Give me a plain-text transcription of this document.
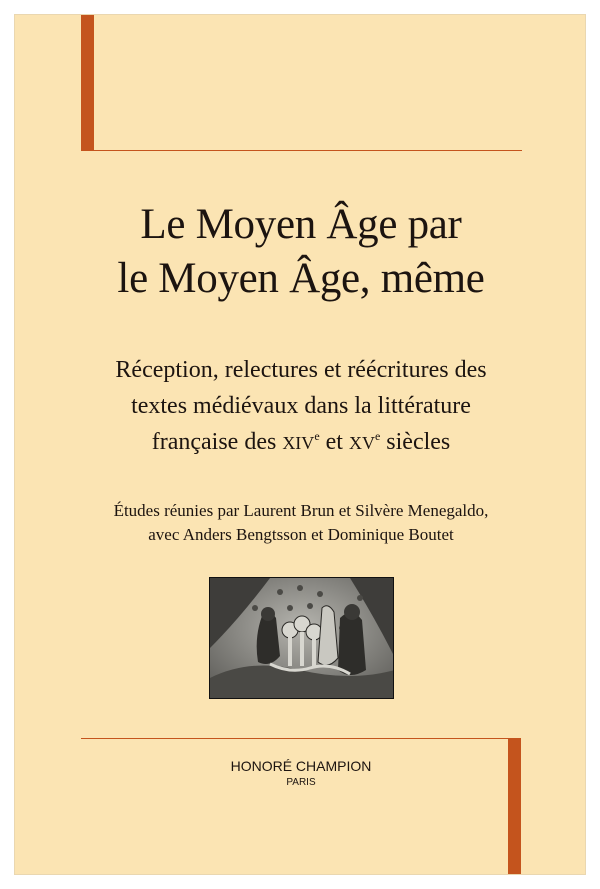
Le Moyen Âge par
le Moyen Âge, même
Réception, relectures et réécritures des
textes médiévaux dans la littérature
française des XIVe et XVe siècles
Études réunies par Laurent Brun et Silvère Menegaldo,
avec Anders Bengtsson et Dominique Boutet
HONORÉ CHAMPION
PARIS
